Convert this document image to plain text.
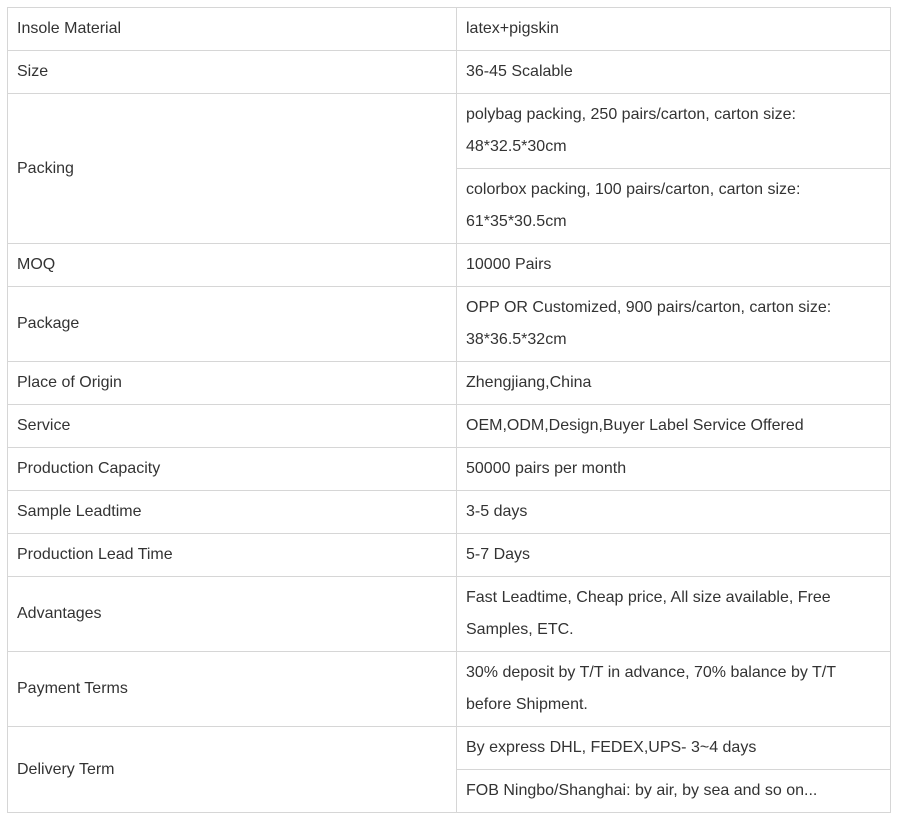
Insole Material	latex+pigskin
Size	36-45 Scalable
Packing	polybag packing, 250 pairs/carton, carton size: 48*32.5*30cm
	colorbox packing, 100 pairs/carton, carton size: 61*35*30.5cm
MOQ	10000 Pairs
Package	OPP OR Customized, 900 pairs/carton, carton size: 38*36.5*32cm
Place of Origin	Zhengjiang,China
Service	OEM,ODM,Design,Buyer Label Service Offered
Production Capacity	50000 pairs per month
Sample Leadtime	3-5 days
Production Lead Time	5-7 Days
Advantages	Fast Leadtime, Cheap price, All size available, Free Samples, ETC.
Payment Terms	30% deposit by T/T in advance, 70% balance by T/T before Shipment.
Delivery Term	By express DHL, FEDEX,UPS- 3~4 days
	FOB Ningbo/Shanghai: by air, by sea and so on...
